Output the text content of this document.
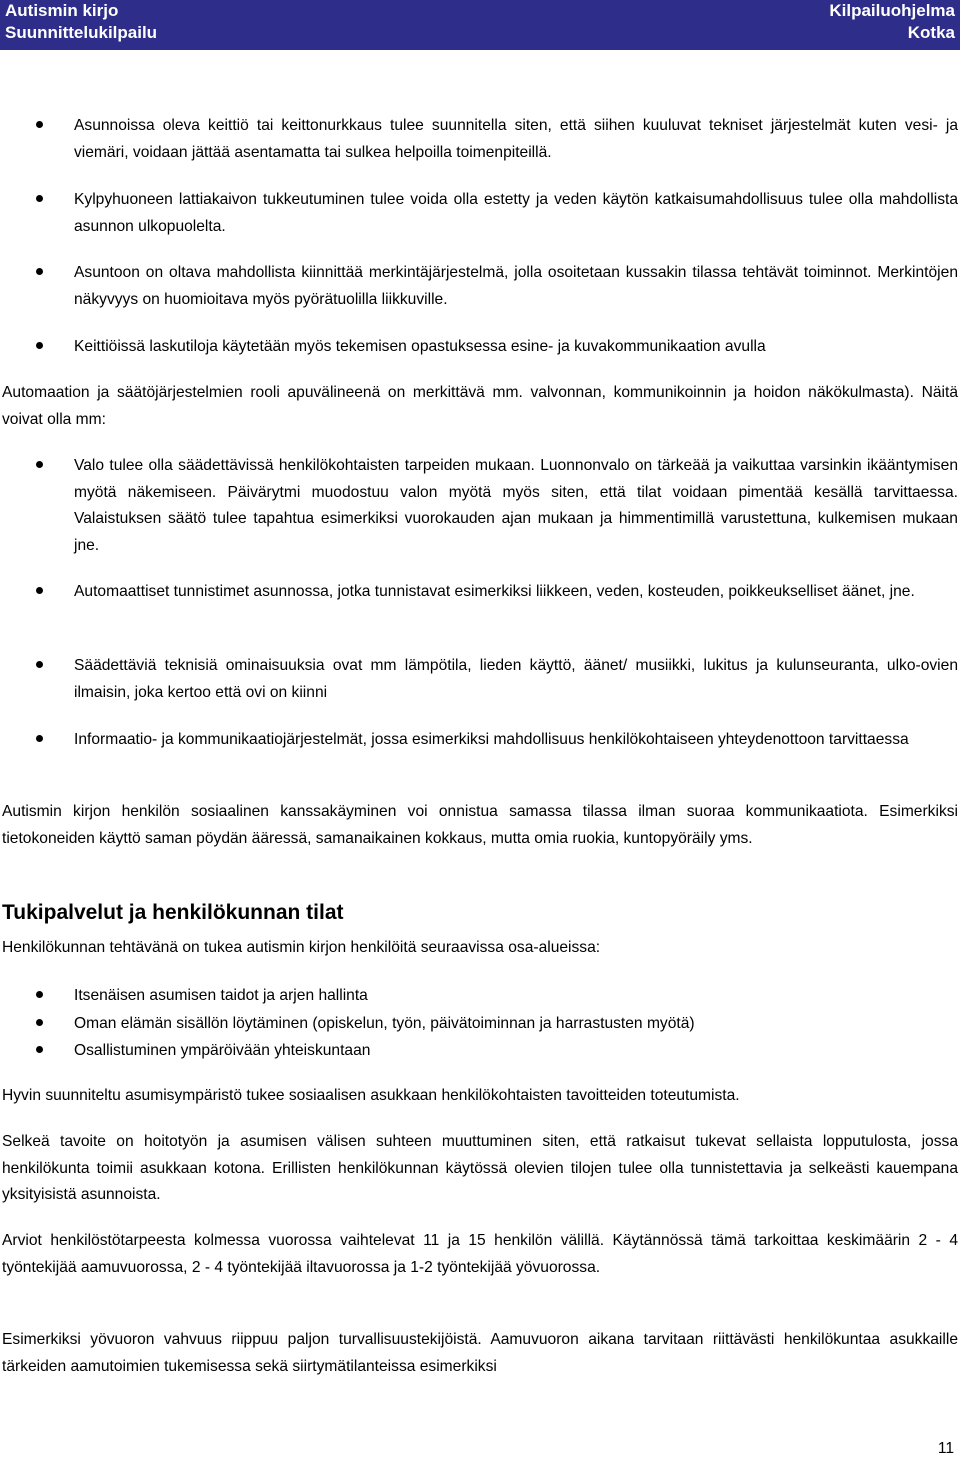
Autismin kirjo
Suunnittelukilpailu
Kilpailuohjelma
Kotka

Asunnoissa oleva keittiö tai keittonurkkaus tulee suunnitella siten, että siihen kuuluvat tekniset järjestelmät kuten vesi- ja viemäri, voidaan jättää asentamatta tai sulkea helpoilla toimenpiteillä.

Kylpyhuoneen lattiakaivon tukkeutuminen tulee voida olla estetty ja veden käytön katkaisumahdollisuus tulee olla mahdollista asunnon ulkopuolelta.

Asuntoon on oltava mahdollista kiinnittää merkintäjärjestelmä, jolla osoitetaan kussakin tilassa tehtävät toiminnot. Merkintöjen näkyvyys on huomioitava myös pyörätuolilla liikkuville.

Keittiöissä laskutiloja käytetään myös tekemisen opastuksessa esine- ja kuvakommunikaation avulla

Automaation ja säätöjärjestelmien rooli apuvälineenä on merkittävä mm. valvonnan, kommunikoinnin ja hoidon näkökulmasta). Näitä voivat olla mm:

Valo tulee olla säädettävissä henkilökohtaisten tarpeiden mukaan. Luonnonvalo on tärkeää ja vaikuttaa varsinkin ikääntymisen myötä näkemiseen. Päivärytmi muodostuu valon myötä myös siten, että tilat voidaan pimentää kesällä tarvittaessa. Valaistuksen säätö tulee tapahtua esimerkiksi vuorokauden ajan mukaan ja himmentimillä varustettuna, kulkemisen mukaan jne.

Automaattiset tunnistimet asunnossa, jotka tunnistavat esimerkiksi liikkeen, veden, kosteuden, poikkeukselliset äänet, jne.

Säädettäviä teknisiä ominaisuuksia ovat mm lämpötila, lieden käyttö, äänet/ musiikki, lukitus ja kulunseuranta, ulko-ovien ilmaisin, joka kertoo että ovi on kiinni

Informaatio- ja kommunikaatiojärjestelmät, jossa esimerkiksi mahdollisuus henkilökohtaiseen yhteydenottoon tarvittaessa

Autismin kirjon henkilön sosiaalinen kanssakäyminen voi onnistua samassa tilassa ilman suoraa kommunikaatiota. Esimerkiksi tietokoneiden käyttö saman pöydän ääressä, samanaikainen kokkaus, mutta omia ruokia, kuntopyöräily yms.

Tukipalvelut ja henkilökunnan tilat

Henkilökunnan tehtävänä on tukea autismin kirjon henkilöitä seuraavissa osa-alueissa:

Itsenäisen asumisen taidot ja arjen hallinta

Oman elämän sisällön löytäminen (opiskelun, työn, päivätoiminnan ja harrastusten myötä)

Osallistuminen ympäröivään yhteiskuntaan

Hyvin suunniteltu asumisympäristö tukee sosiaalisen asukkaan henkilökohtaisten tavoitteiden toteutumista.

Selkeä tavoite on hoitotyön ja asumisen välisen suhteen muuttuminen siten, että ratkaisut tukevat sellaista lopputulosta, jossa henkilökunta toimii asukkaan kotona. Erillisten henkilökunnan käytössä olevien tilojen tulee olla tunnistettavia ja selkeästi kauempana yksityisistä asunnoista.

Arviot henkilöstötarpeesta kolmessa vuorossa vaihtelevat 11 ja 15 henkilön välillä. Käytännössä tämä tarkoittaa keskimäärin 2 - 4 työntekijää aamuvuorossa, 2 - 4 työntekijää iltavuorossa ja 1-2 työntekijää yövuorossa.

Esimerkiksi yövuoron vahvuus riippuu paljon turvallisuustekijöistä. Aamuvuoron aikana tarvitaan riittävästi henkilökuntaa asukkaille tärkeiden aamutoimien tukemisessa sekä siirtymätilanteissa esimerkiksi

11
